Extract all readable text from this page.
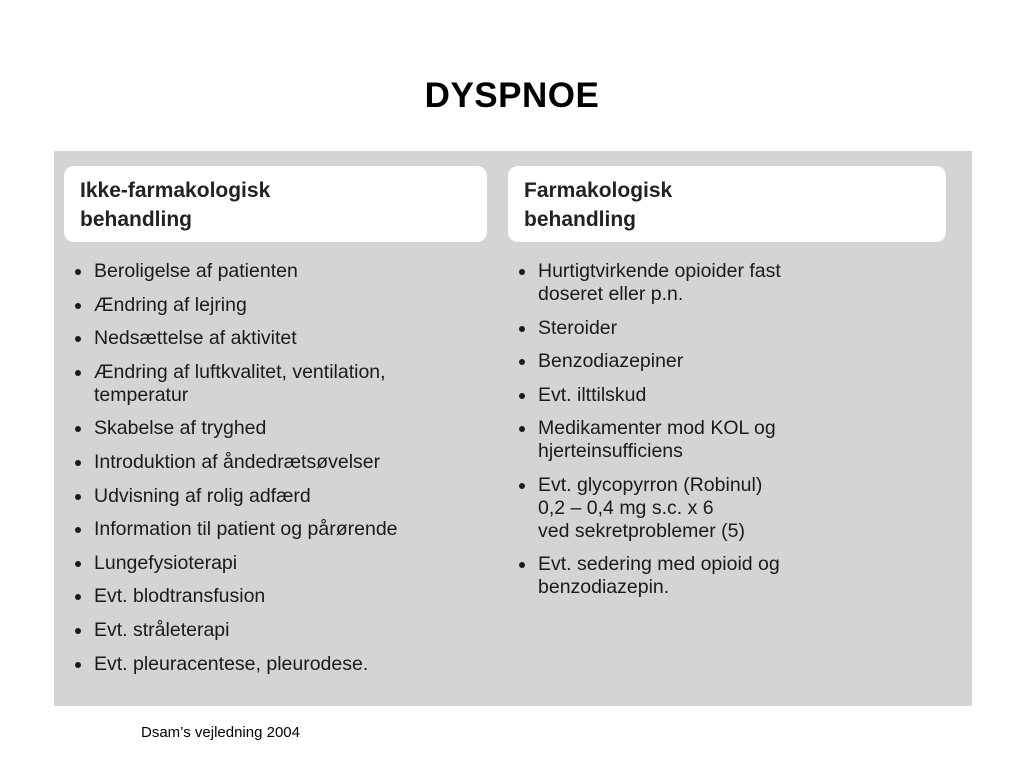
DYSPNOE
Ikke-farmakologisk
behandling
Beroligelse af patienten
Ændring af lejring
Nedsættelse af aktivitet
Ændring af luftkvalitet, ventilation,
temperatur
Skabelse af tryghed
Introduktion af åndedrætsøvelser
Udvisning af rolig adfærd
Information til patient og pårørende
Lungefysioterapi
Evt. blodtransfusion
Evt. stråleterapi
Evt. pleuracentese, pleurodese.
Farmakologisk
behandling
Hurtigtvirkende opioider fast
doseret eller p.n.
Steroider
Benzodiazepiner
Evt. ilttilskud
Medikamenter mod KOL og
hjerteinsufficiens
Evt. glycopyrron (Robinul)
0,2 – 0,4 mg s.c. x 6
ved sekretproblemer (5)
Evt. sedering med opioid og
benzodiazepin.
Dsam’s vejledning 2004
